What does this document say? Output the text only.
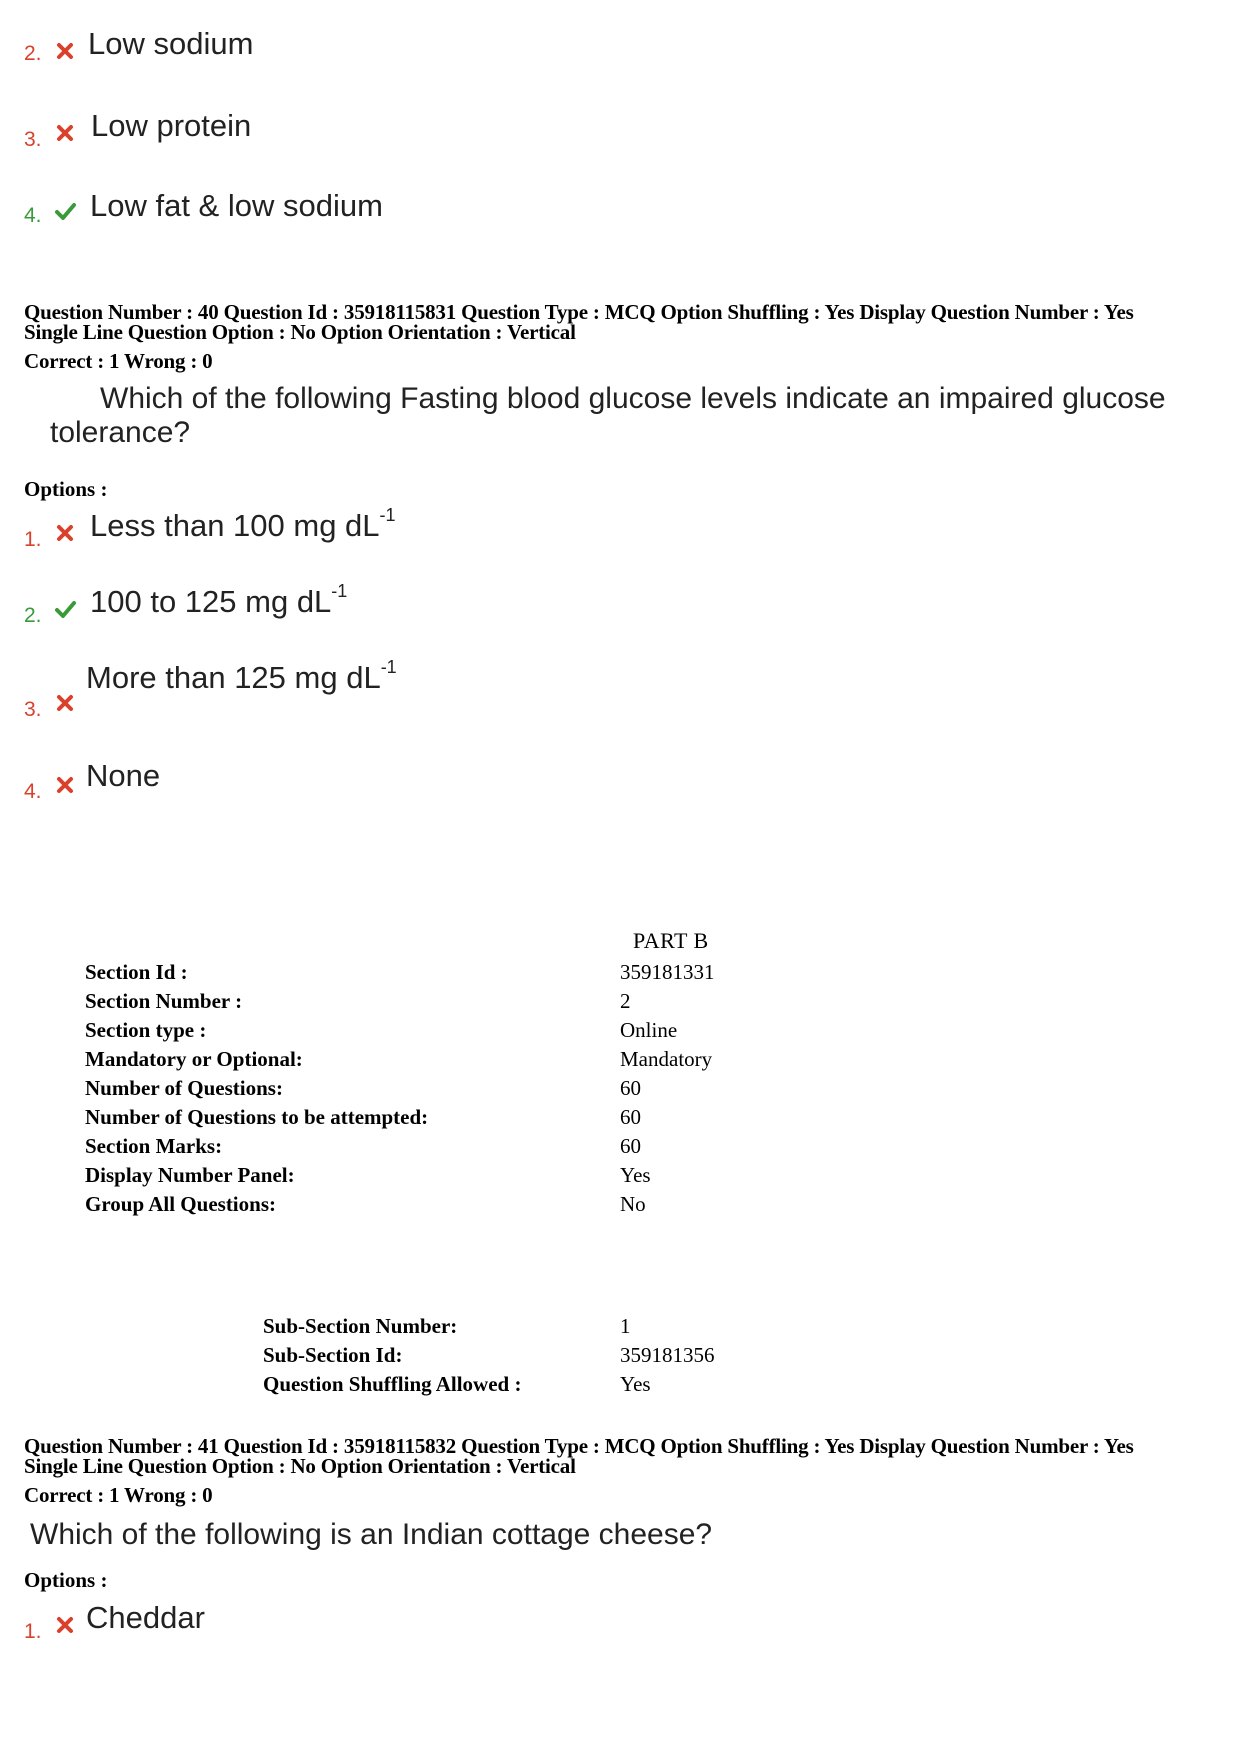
2. Low sodium
3. Low protein
4. Low fat & low sodium
Question Number : 40 Question Id : 35918115831 Question Type : MCQ Option Shuffling : Yes Display Question Number : Yes
Single Line Question Option : No Option Orientation : Vertical
Correct : 1 Wrong : 0
Which of the following Fasting blood glucose levels indicate an impaired glucose
tolerance?
Options :
1. Less than 100 mg $dL^{-1}$
2. 100 to 125 mg $dL^{-1}$
3.
More than 125 mg $dL^{-1}$
4. None
PART B
Section Id :	359181331
Section Number :	2
Section type :	Online
Mandatory or Optional:	Mandatory
Number of Questions:	60
Number of Questions to be attempted:	60
Section Marks:	60
Display Number Panel:	Yes
Group All Questions:	No
Sub-Section Number:	1
Sub-Section Id:	359181356
Question Shuffling Allowed :	Yes
Question Number : 41 Question Id : 35918115832 Question Type : MCQ Option Shuffling : Yes Display Question Number : Yes
Single Line Question Option : No Option Orientation : Vertical
Correct : 1 Wrong : 0
Which of the following is an Indian cottage cheese?
Options :
1. Cheddar
